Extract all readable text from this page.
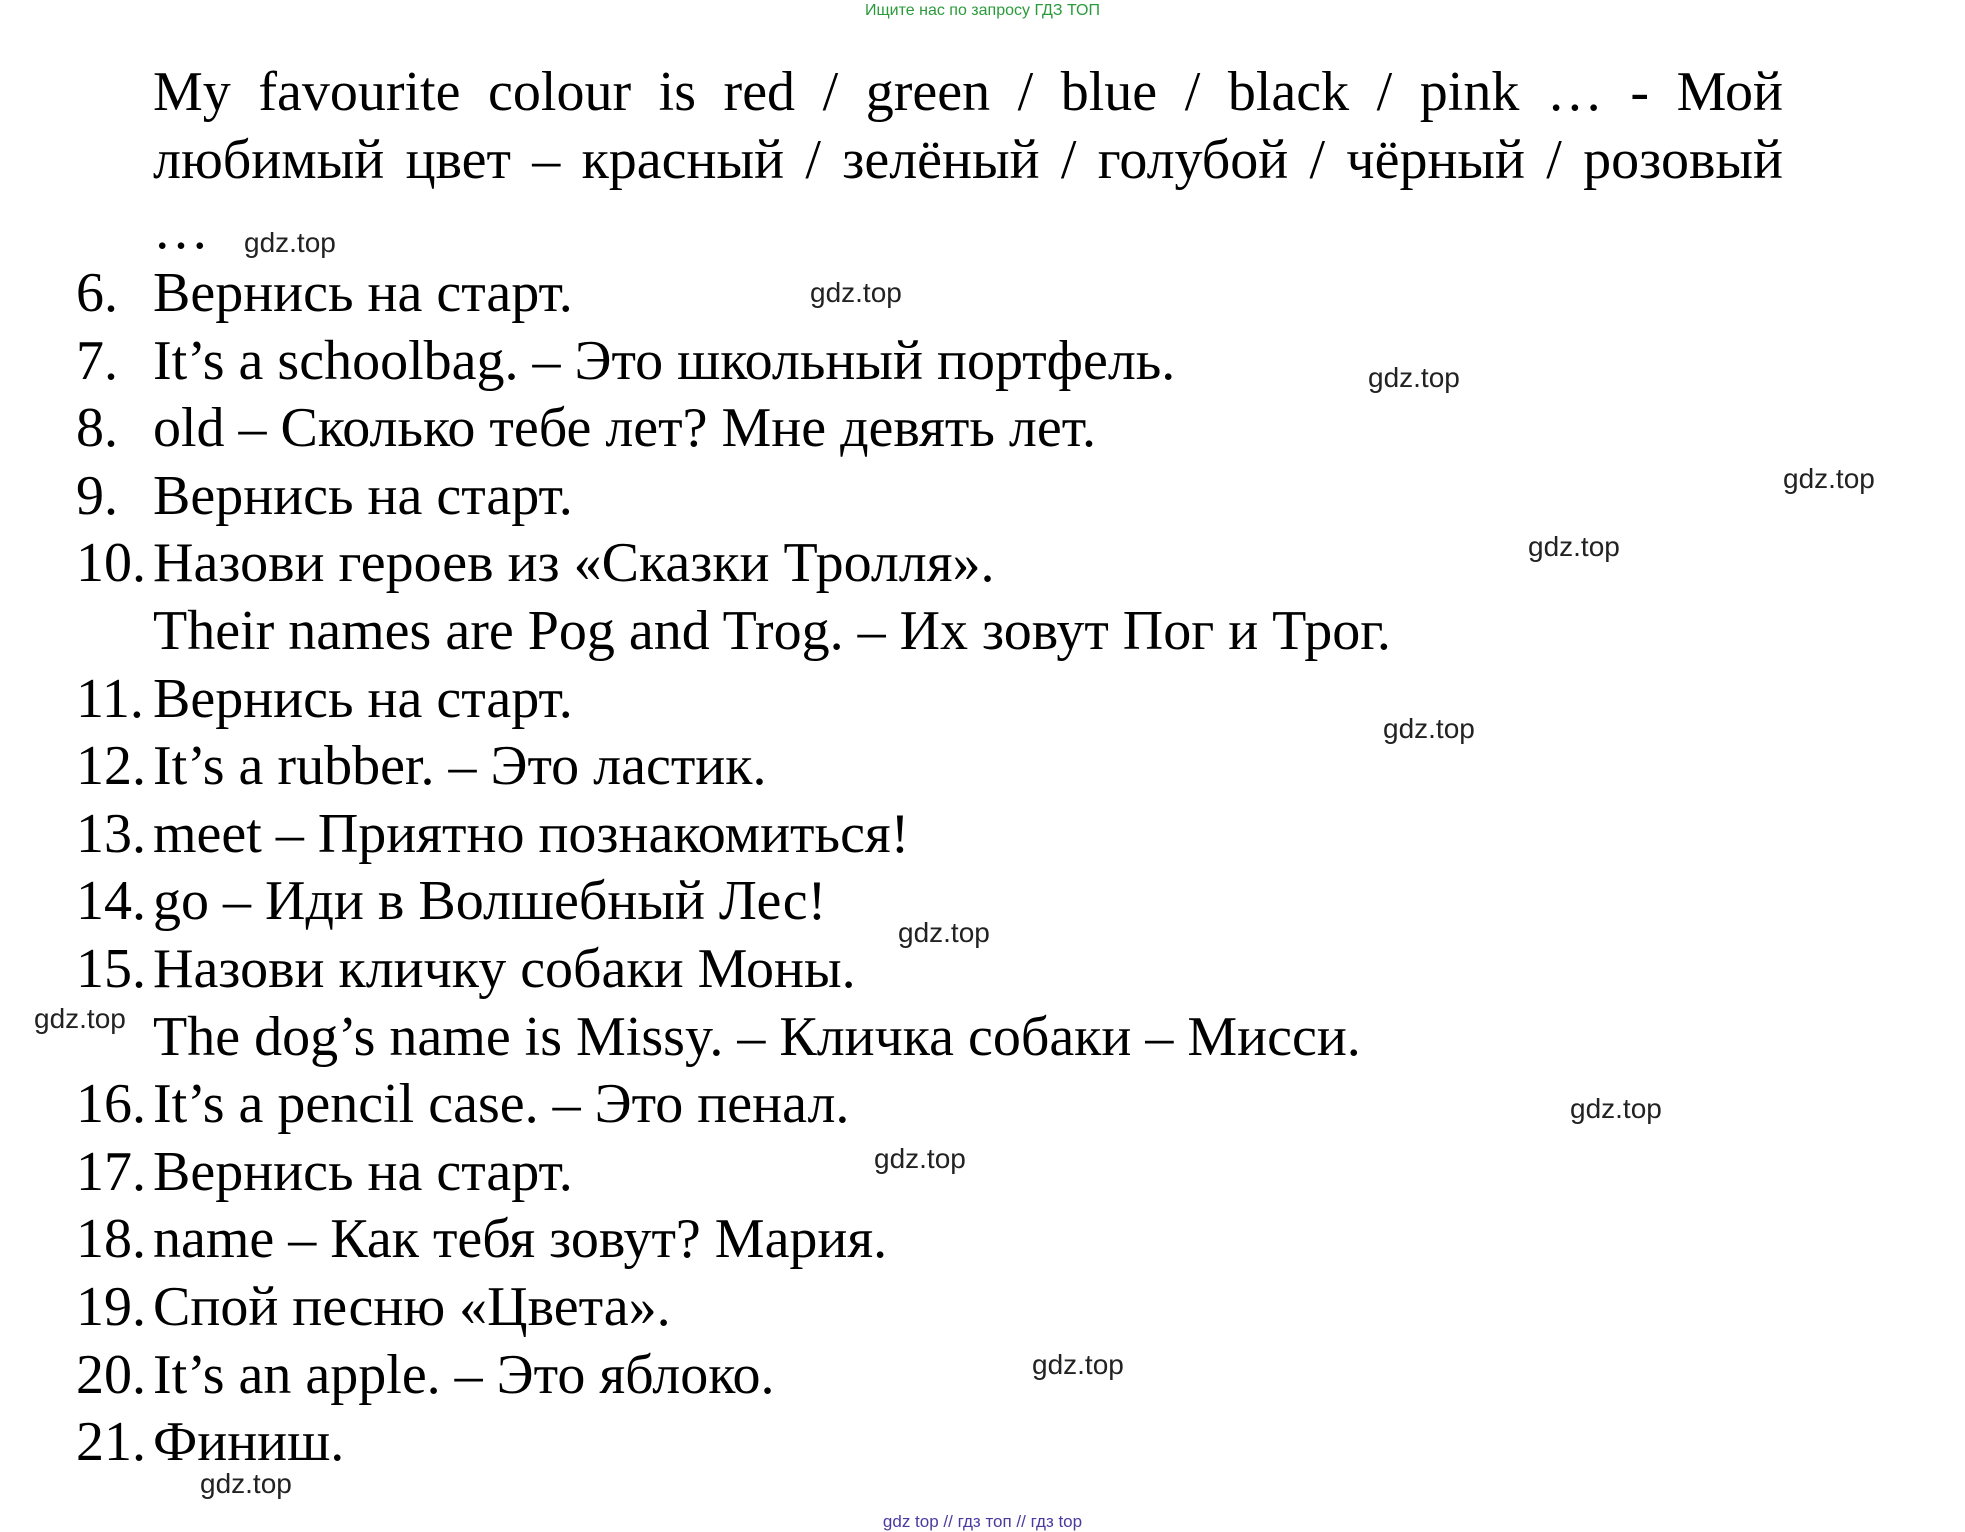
Ищите нас по запросу ГДЗ ТОП
My favourite colour is red / green / blue / black / pink … - Мой
любимый цвет – красный / зелёный / голубой / чёрный / розовый
…
6. Вернись на старт.
7. It’s a schoolbag. – Это школьный портфель.
8. old – Сколько тебе лет? Мне девять лет.
9. Вернись на старт.
10. Назови героев из «Сказки Тролля».
Their names are Pog and Trog. – Их зовут Пог и Трог.
11. Вернись на старт.
12. It’s a rubber. – Это ластик.
13. meet – Приятно познакомиться!
14. go – Иди в Волшебный Лес!
15. Назови кличку собаки Моны.
The dog’s name is Missy. – Кличка собаки – Мисси.
16. It’s a pencil case. – Это пенал.
17. Вернись на старт.
18. name – Как тебя зовут? Мария.
19. Спой песню «Цвета».
20. It’s an apple. – Это яблоко.
21. Финиш.
gdz.top
gdz.top
gdz.top
gdz.top
gdz.top
gdz.top
gdz.top
gdz.top
gdz.top
gdz.top
gdz.top
gdz.top
gdz top // гдз топ // гдз top
